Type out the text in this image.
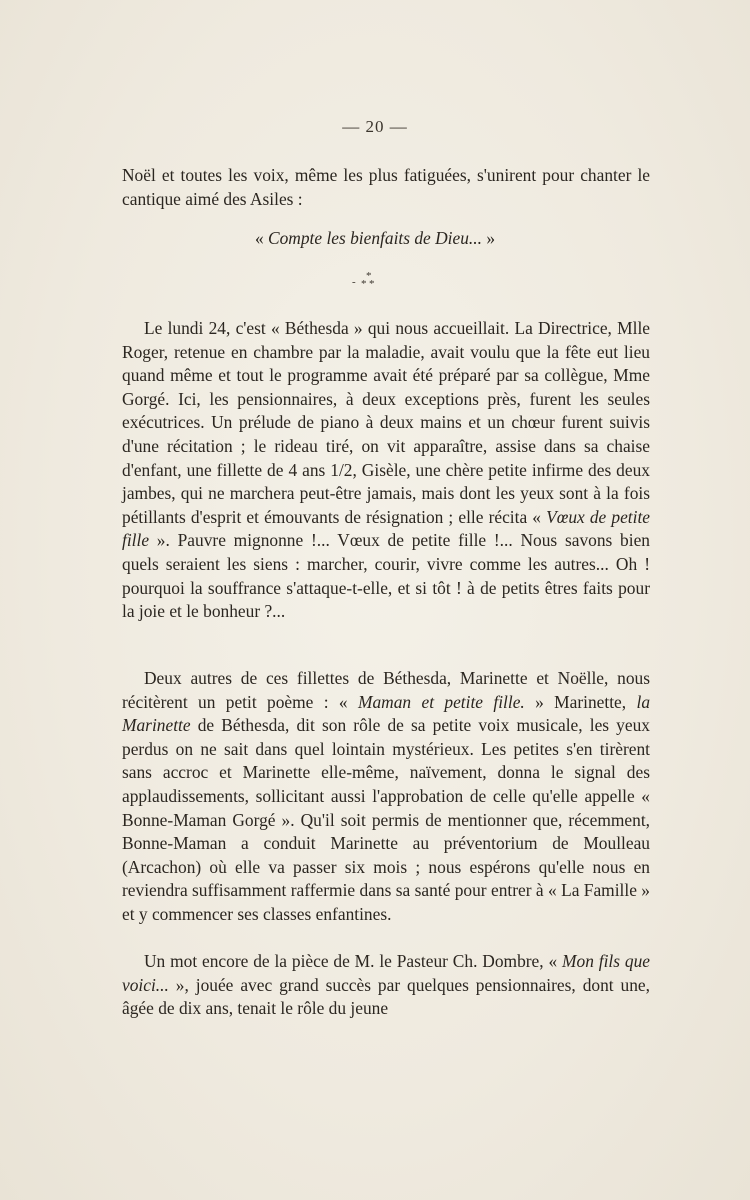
— 20 —

Noël et toutes les voix, même les plus fatiguées, s'unirent pour chanter le cantique aimé des Asiles :

« Compte les bienfaits de Dieu... »
- *
* *

Le lundi 24, c'est « Béthesda » qui nous accueillait. La Directrice, Mlle Roger, retenue en chambre par la maladie, avait voulu que la fête eut lieu quand même et tout le programme avait été préparé par sa collègue, Mme Gorgé. Ici, les pensionnaires, à deux exceptions près, furent les seules exécutrices. Un prélude de piano à deux mains et un chœur furent suivis d'une récitation ; le rideau tiré, on vit apparaître, assise dans sa chaise d'enfant, une fillette de 4 ans 1/2, Gisèle, une chère petite infirme des deux jambes, qui ne marchera peut-être jamais, mais dont les yeux sont à la fois pétillants d'esprit et émouvants de résignation ; elle récita « Vœux de petite fille ». Pauvre mignonne !... Vœux de petite fille !... Nous savons bien quels seraient les siens : marcher, courir, vivre comme les autres... Oh ! pourquoi la souffrance s'attaque-t-elle, et si tôt ! à de petits êtres faits pour la joie et le bonheur ?...

Deux autres de ces fillettes de Béthesda, Marinette et Noëlle, nous récitèrent un petit poème : « Maman et petite fille. » Marinette, la Marinette de Béthesda, dit son rôle de sa petite voix musicale, les yeux perdus on ne sait dans quel lointain mystérieux. Les petites s'en tirèrent sans accroc et Marinette elle-même, naïvement, donna le signal des applaudissements, sollicitant aussi l'approbation de celle qu'elle appelle « Bonne-Maman Gorgé ». Qu'il soit permis de mentionner que, récemment, Bonne-Maman a conduit Marinette au préventorium de Moulleau (Arcachon) où elle va passer six mois ; nous espérons qu'elle nous en reviendra suffisamment raffermie dans sa santé pour entrer à « La Famille » et y commencer ses classes enfantines.

Un mot encore de la pièce de M. le Pasteur Ch. Dombre, « Mon fils que voici... », jouée avec grand succès par quelques pensionnaires, dont une, âgée de dix ans, tenait le rôle du jeune
